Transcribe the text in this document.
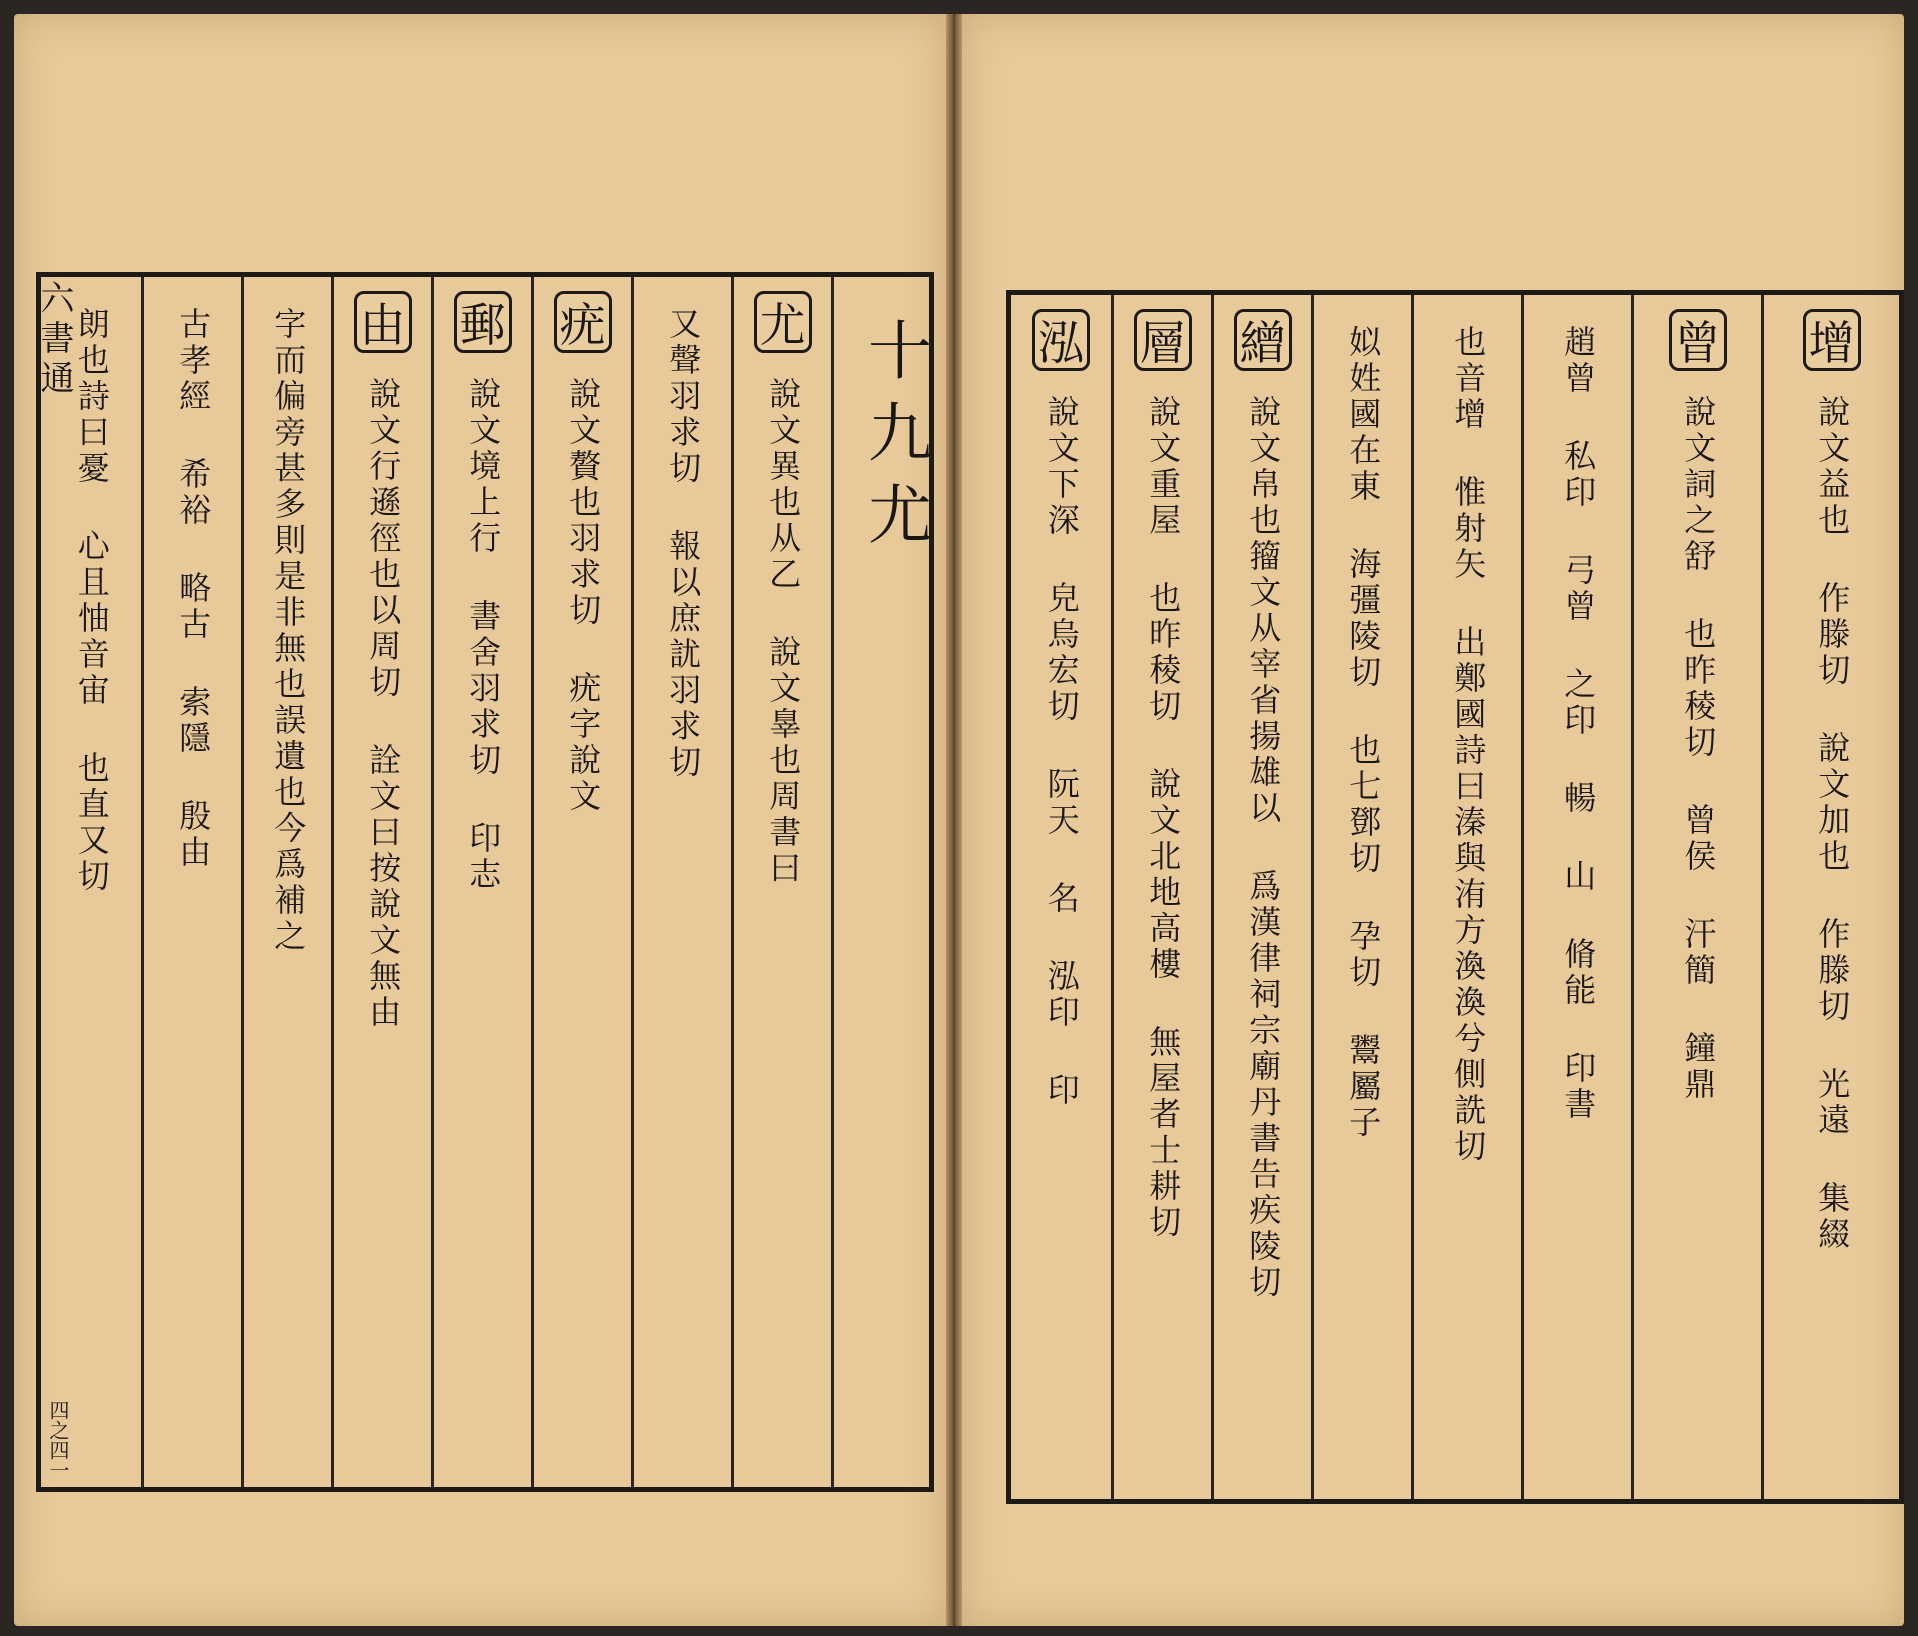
六書通
四之四一
朗也詩曰憂 心且怞音宙 也直又切 古孝經 希裕 略古 索隱 殷由 字而偏旁甚多則是非無也誤遺也今爲補之 由
說文行遜徑也以周切 詮文曰按說文無由
郵
說文境上行 書舍羽求切 印志
疣
說文贅也羽求切 疣字說文 又聲羽求切 報以庶訧羽求切 尤
說文異也从乙 說文辠也周書曰 十九尤 泓
說文下深 皃烏宏切 阮天 名 泓印 印
層
說文重屋 也昨稜切 說文北地高樓 無屋者士耕切
繒
說文帛也籀文从宰省揚雄以 爲漢律祠宗廟丹書告疾陵切 姒姓國在東 海彊陵切 也七鄧切 孕切 鬻屬子 也音增 惟射矢 出鄭國詩曰溱與洧方渙渙兮側詵切 趙曾 私印 弓曾 之印 暢 山 脩能 印書 曾
說文詞之舒 也昨稜切 曾侯 汗簡 鐘鼎
增
說文益也 作滕切 說文加也 作滕切 光遠 集綴
